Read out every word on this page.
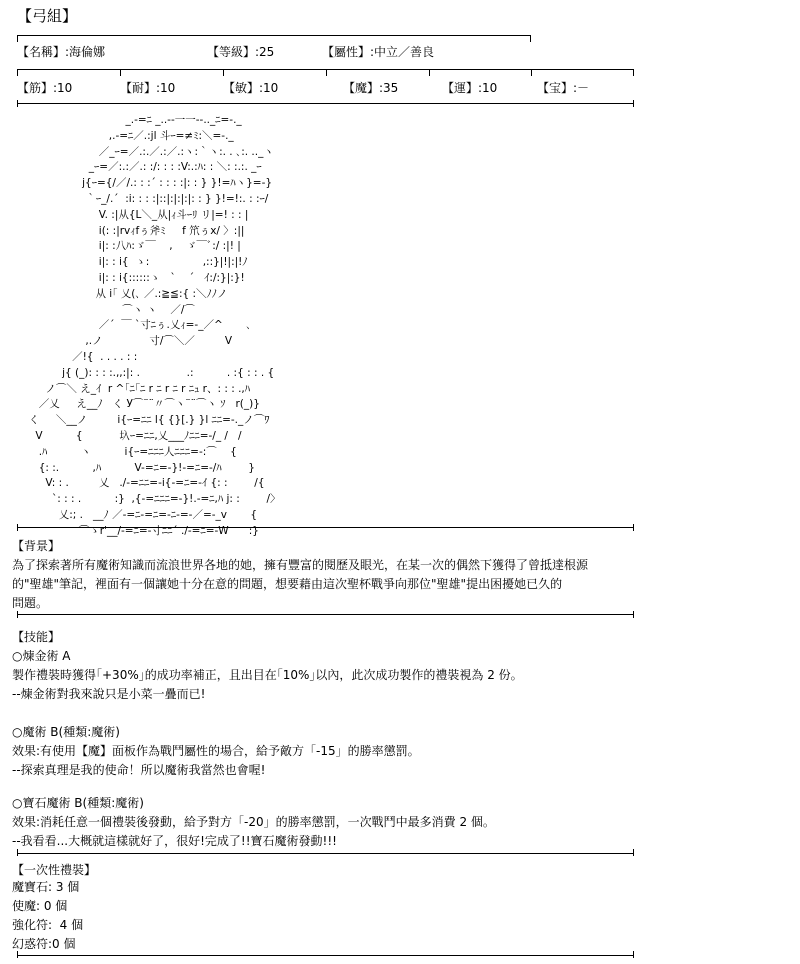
【弓組】
【名稱】:海倫娜	【等級】:25	【屬性】:中立／善良
【筋】:10	【耐】:10	【敏】:10	【魔】:35	【運】:10	【宝】:－
_.-=ﾆ _..--一一--.._ﾆ=-._
,.-=ﾆ／.:jl 斗ｰ=≠ﾐ:＼=-._
／_ｰ=／.:.／.:／.:ヽ:｀ヽ:. . ､:. .._ヽ
_ｰ=／:.:／.: :/: : : :V:.:ﾊ: : ＼: :.:. _ｰ
j{ｰ={/／/.: : :´ : : : :|: : } }!=ﾊヽ}=-}
｀ｰ_/.´  :i: : : :|::|:|:|:|: : } }!=!:. : :ｰ/
V. :|从{L＼_从|ｨ斗ｰﾘ リ|=! : : |
i(: :|rvｨfぅ斧ﾐ     f 笊ぅx/ 〉:||
i|: :八ﾊ:ゞ￣    ,    ゞ￣ﾞ:/ :|! |
i|: : i{  ゝ:                ,::}|!|:|!ﾉ
i|: : i{::::::ゝ   `    ´   ｲ:/:}|:}!
从 i｢ 乂(､ ／.:≧≦:{ :＼ﾉﾉノ
⌒ヽ ヽ    ／/⌒
／´  ￣ `寸ﾆぅ.乂ｨ=-_／^       ､
,.ノ              寸/⌒＼／         V
／!{  . . . . : :
j{ (_): : : :.,,:|: .              .:          . :{ : : . {
ノ⌒＼ え_ｲ  r ^｢ﾆ｢ﾆ r ﾆ r ﾆ r ﾆｭ r、: : : .,ﾊ
／乂     え__ﾉ   く У⌒¨¨〃⌒ヽ¨¨⌒ヽ ｿ   r(_)}
く     ＼__ノ         i{ｰ=ﾆﾆ l{ {}[.} }l ﾆﾆ=-._ノ⌒ﾜ
V          {           圦ｰ=ﾆﾆ,乂___ﾉﾆﾆ=-/_ /   /
.ﾊ          ヽ          i{ｰ=ﾆﾆﾆ人ﾆﾆﾆ=-:⌒    {
{: :.          ,ﾊ          V-=ﾆ=-}!-=ﾆ=-/ﾊ        }
V: : .         乂   ./-=ﾆﾆ=-i{-=ﾆ=-ｲ {: :        /{
`: : : .          :}  ,{-=ﾆﾆﾆ=-}!.-=ﾆ,ﾊ j: :        /〉
乂:; .   __ﾉ ／-=ﾆ-=ﾆ=-ﾆ-=-／=-_v       {
⌒ゝr'__/-=ﾆ=-寸ﾆﾆ´ ./-=ﾆ=-W      :}
【背景】
為了探索著所有魔術知識而流浪世界各地的她，擁有豐富的閱歷及眼光，在某一次的偶然下獲得了曾抵達根源
的"聖雄"筆記，裡面有一個讓她十分在意的問題，想要藉由這次聖杯戰爭向那位"聖雄"提出困擾她已久的
問題。
【技能】
○煉金術 A
製作禮裝時獲得｢+30%｣的成功率補正，且出目在｢10%｣以內，此次成功製作的禮裝視為 2 份。
--煉金術對我來說只是小菜一疊而已!
○魔術 B(種類:魔術)
效果:有使用【魔】面板作為戰鬥屬性的場合，給予敵方「-15」的勝率懲罰。
--探索真理是我的使命！所以魔術我當然也會喔!
○寶石魔術 B(種類:魔術)
效果:消耗任意一個禮裝後發動，給予對方「-20」的勝率懲罰，一次戰鬥中最多消費 2 個。
--我看看...大概就這樣就好了，很好!完成了!!寶石魔術發動!!!
【一次性禮裝】
魔寶石: 3 個
使魔: 0 個
強化符:  4 個
幻惑符:0 個
